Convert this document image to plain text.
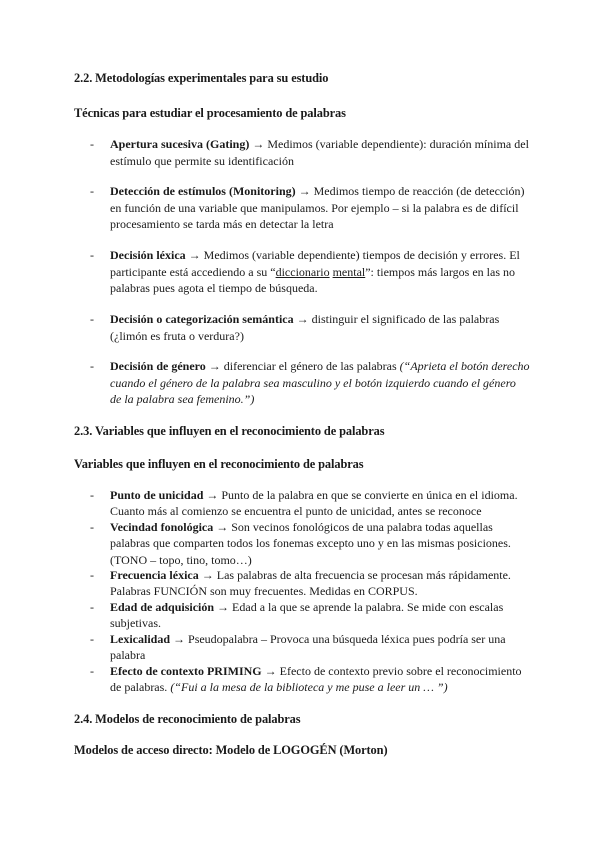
2.2. Metodologías experimentales para su estudio
Técnicas para estudiar el procesamiento de palabras
- Apertura sucesiva (Gating) → Medimos (variable dependiente): duración mínima del estímulo que permite su identificación
- Detección de estímulos (Monitoring) → Medimos tiempo de reacción (de detección) en función de una variable que manipulamos. Por ejemplo – si la palabra es de difícil procesamiento se tarda más en detectar la letra
- Decisión léxica → Medimos (variable dependiente) tiempos de decisión y errores. El participante está accediendo a su “diccionario mental”: tiempos más largos en las no palabras pues agota el tiempo de búsqueda.
- Decisión o categorización semántica → distinguir el significado de las palabras (¿limón es fruta o verdura?)
- Decisión de género → diferenciar el género de las palabras (“Aprieta el botón derecho cuando el género de la palabra sea masculino y el botón izquierdo cuando el género de la palabra sea femenino.”)
2.3. Variables que influyen en el reconocimiento de palabras
Variables que influyen en el reconocimiento de palabras
- Punto de unicidad → Punto de la palabra en que se convierte en única en el idioma. Cuanto más al comienzo se encuentra el punto de unicidad, antes se reconoce
- Vecindad fonológica → Son vecinos fonológicos de una palabra todas aquellas palabras que comparten todos los fonemas excepto uno y en las mismas posiciones. (TONO – topo, tino, tomo…)
- Frecuencia léxica → Las palabras de alta frecuencia se procesan más rápidamente. Palabras FUNCIÓN son muy frecuentes. Medidas en CORPUS.
- Edad de adquisición → Edad a la que se aprende la palabra. Se mide con escalas subjetivas.
- Lexicalidad → Pseudopalabra – Provoca una búsqueda léxica pues podría ser una palabra
- Efecto de contexto PRIMING → Efecto de contexto previo sobre el reconocimiento de palabras. (“Fui a la mesa de la biblioteca y me puse a leer un … ”)
2.4. Modelos de reconocimiento de palabras
Modelos de acceso directo: Modelo de LOGOGÉN (Morton)
